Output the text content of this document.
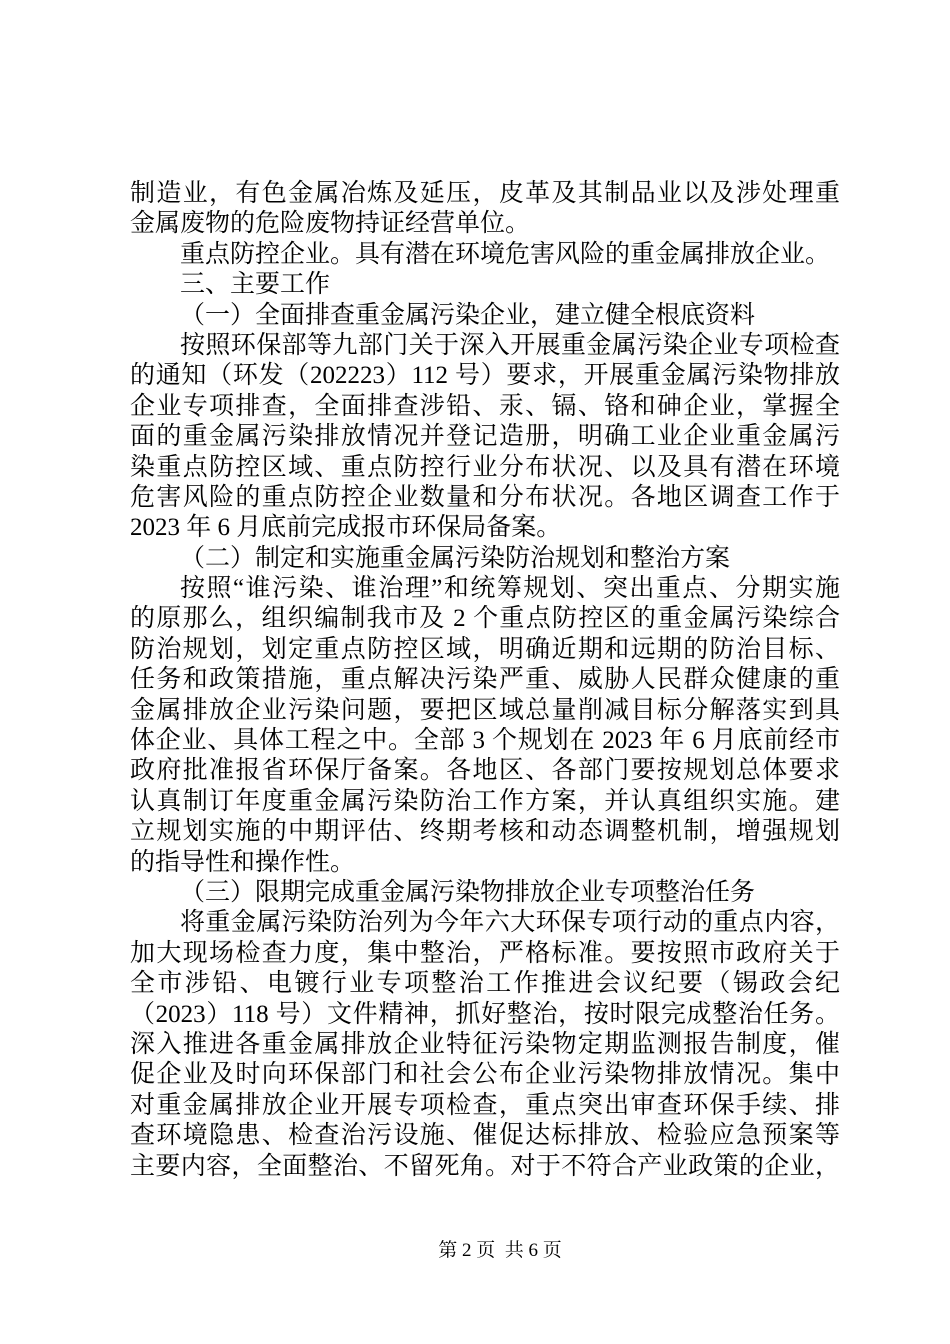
制造业，有色金属冶炼及延压，皮革及其制品业以及涉处理重
金属废物的危险废物持证经营单位。
重点防控企业。具有潜在环境危害风险的重金属排放企业。
三、主要工作
（一）全面排查重金属污染企业，建立健全根底资料
按照环保部等九部门关于深入开展重金属污染企业专项检查
的通知（环发（202223）112 号）要求，开展重金属污染物排放
企业专项排查，全面排查涉铅、汞、镉、铬和砷企业，掌握全
面的重金属污染排放情况并登记造册，明确工业企业重金属污
染重点防控区域、重点防控行业分布状况、以及具有潜在环境
危害风险的重点防控企业数量和分布状况。各地区调查工作于
2023 年 6 月底前完成报市环保局备案。
（二）制定和实施重金属污染防治规划和整治方案
按照“谁污染、谁治理”和统筹规划、突出重点、分期实施
的原那么，组织编制我市及 2 个重点防控区的重金属污染综合
防治规划，划定重点防控区域，明确近期和远期的防治目标、
任务和政策措施，重点解决污染严重、威胁人民群众健康的重
金属排放企业污染问题，要把区域总量削减目标分解落实到具
体企业、具体工程之中。全部 3 个规划在 2023 年 6 月底前经市
政府批准报省环保厅备案。各地区、各部门要按规划总体要求
认真制订年度重金属污染防治工作方案，并认真组织实施。建
立规划实施的中期评估、终期考核和动态调整机制，增强规划
的指导性和操作性。
（三）限期完成重金属污染物排放企业专项整治任务
将重金属污染防治列为今年六大环保专项行动的重点内容，
加大现场检查力度，集中整治，严格标准。要按照市政府关于
全市涉铅、电镀行业专项整治工作推进会议纪要（锡政会纪
（2023）118 号）文件精神，抓好整治，按时限完成整治任务。
深入推进各重金属排放企业特征污染物定期监测报告制度，催
促企业及时向环保部门和社会公布企业污染物排放情况。集中
对重金属排放企业开展专项检查，重点突出审查环保手续、排
查环境隐患、检查治污设施、催促达标排放、检验应急预案等
主要内容，全面整治、不留死角。对于不符合产业政策的企业，
第 2 页  共 6 页
